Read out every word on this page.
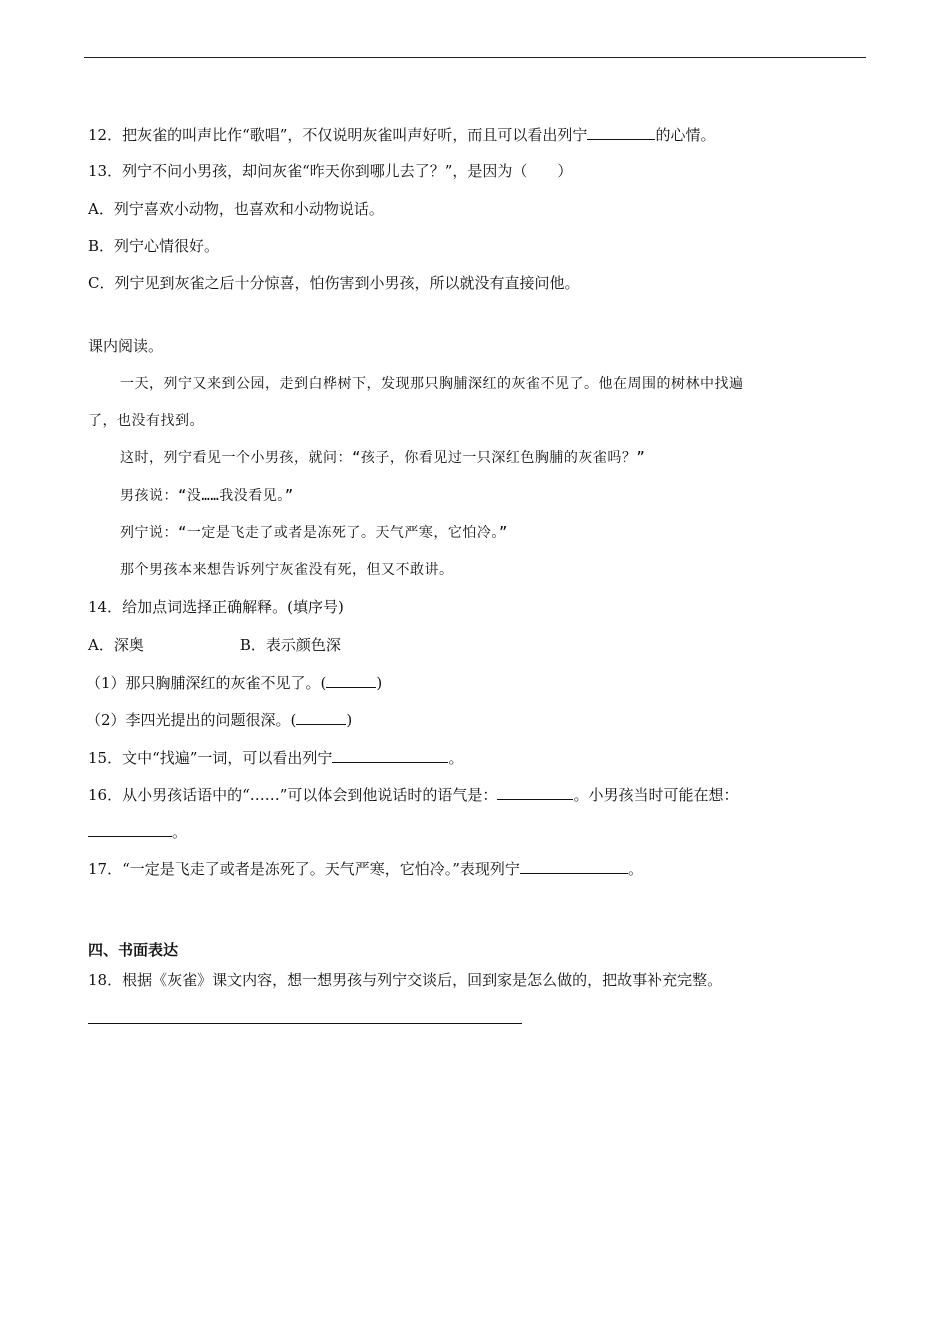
12．把灰雀的叫声比作“歌唱”，不仅说明灰雀叫声好听，而且可以看出列宁	的心情。
13．列宁不问小男孩，却问灰雀“昨天你到哪儿去了？”，是因为（　　）
A．列宁喜欢小动物，也喜欢和小动物说话。
B．列宁心情很好。
C．列宁见到灰雀之后十分惊喜，怕伤害到小男孩，所以就没有直接问他。
课内阅读。
一天，列宁又来到公园，走到白桦树下，发现那只胸脯深红的灰雀不见了。他在周围的树林中找遍
了，也没有找到。
这时，列宁看见一个小男孩，就问：“孩子，你看见过一只深红色胸脯的灰雀吗？”
男孩说：“没……我没看见。”
列宁说：“一定是飞走了或者是冻死了。天气严寒，它怕冷。”
那个男孩本来想告诉列宁灰雀没有死，但又不敢讲。
14．给加点词选择正确解释。(填序号)
A．深奥	B．表示颜色深
（1）那只胸脯深红的灰雀不见了。(	)
（2）李四光提出的问题很深。(	)
15．文中“找遍”一词，可以看出列宁	。
16．从小男孩话语中的“……”可以体会到他说话时的语气是：	。小男孩当时可能在想：
。
17．“一定是飞走了或者是冻死了。天气严寒，它怕冷。”表现列宁	。
四、书面表达
18．根据《灰雀》课文内容，想一想男孩与列宁交谈后，回到家是怎么做的，把故事补充完整。
